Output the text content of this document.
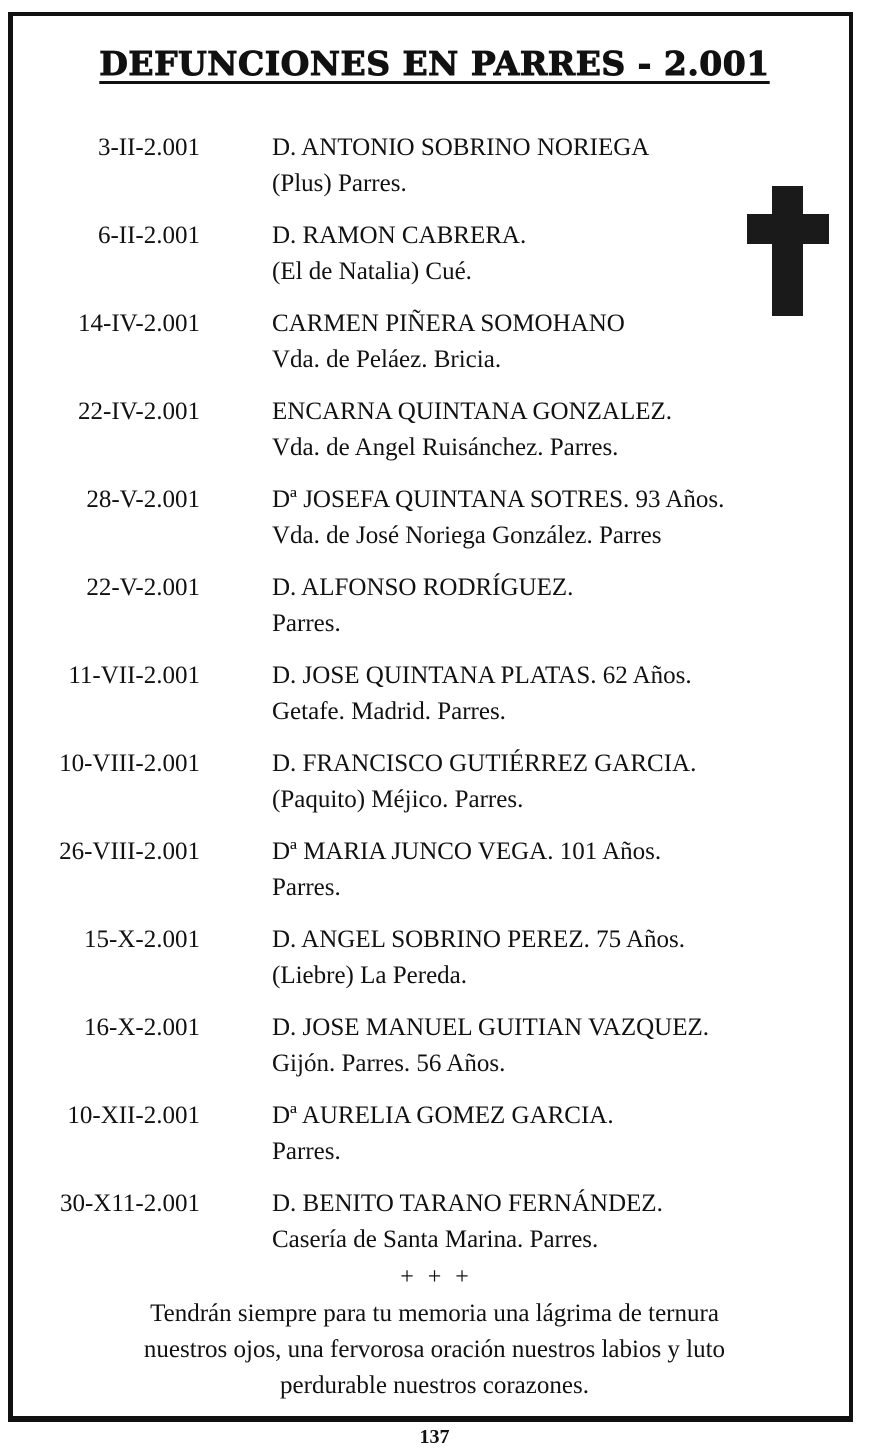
DEFUNCIONES EN PARRES - 2.001
3-II-2.001	D. ANTONIO SOBRINO NORIEGA
(Plus) Parres.
6-II-2.001	D. RAMON CABRERA.
(El de Natalia) Cué.
14-IV-2.001	CARMEN PIÑERA SOMOHANO
Vda. de Peláez. Bricia.
22-IV-2.001	ENCARNA QUINTANA GONZALEZ.
Vda. de Angel Ruisánchez. Parres.
28-V-2.001	Dª JOSEFA QUINTANA SOTRES. 93 Años.
Vda. de José Noriega González. Parres
22-V-2.001	D. ALFONSO RODRÍGUEZ.
Parres.
11-VII-2.001	D. JOSE QUINTANA PLATAS. 62 Años.
Getafe. Madrid. Parres.
10-VIII-2.001	D. FRANCISCO GUTIÉRREZ GARCIA.
(Paquito) Méjico. Parres.
26-VIII-2.001	Dª MARIA JUNCO VEGA. 101 Años.
Parres.
15-X-2.001	D. ANGEL SOBRINO PEREZ. 75 Años.
(Liebre) La Pereda.
16-X-2.001	D. JOSE MANUEL GUITIAN VAZQUEZ.
Gijón. Parres. 56 Años.
10-XII-2.001	Dª AURELIA GOMEZ GARCIA.
Parres.
30-X11-2.001	D. BENITO TARANO FERNÁNDEZ.
Casería de Santa Marina. Parres.
+ + +
Tendrán siempre para tu memoria una lágrima de ternura
nuestros ojos, una fervorosa oración nuestros labios y luto
perdurable nuestros corazones.
137
